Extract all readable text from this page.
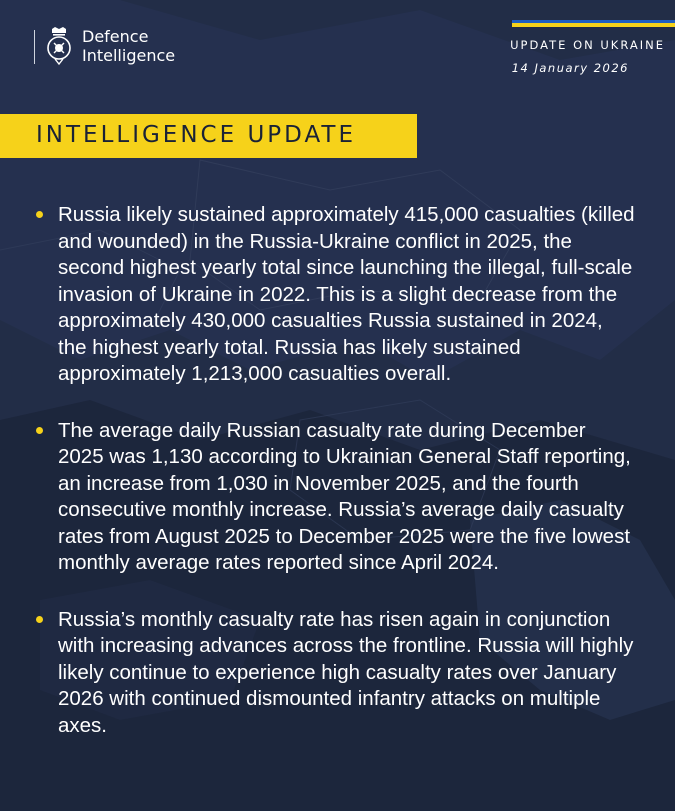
Defence
Intelligence
UPDATE ON UKRAINE
14 January 2026
INTELLIGENCE UPDATE
Russia likely sustained approximately 415,000 casualties (killed and wounded) in the Russia-Ukraine conflict in 2025, the second highest yearly total since launching the illegal, full-scale invasion of Ukraine in 2022. This is a slight decrease from the approximately 430,000 casualties Russia sustained in 2024, the highest yearly total. Russia has likely sustained approximately 1,213,000 casualties overall.
The average daily Russian casualty rate during December 2025 was 1,130 according to Ukrainian General Staff reporting, an increase from 1,030 in November 2025, and the fourth consecutive monthly increase. Russia’s average daily casualty rates from August 2025 to December 2025 were the five lowest monthly average rates reported since April 2024.
Russia’s monthly casualty rate has risen again in conjunction with increasing advances across the frontline. Russia will highly likely continue to experience high casualty rates over January 2026 with continued dismounted infantry attacks on multiple axes.
